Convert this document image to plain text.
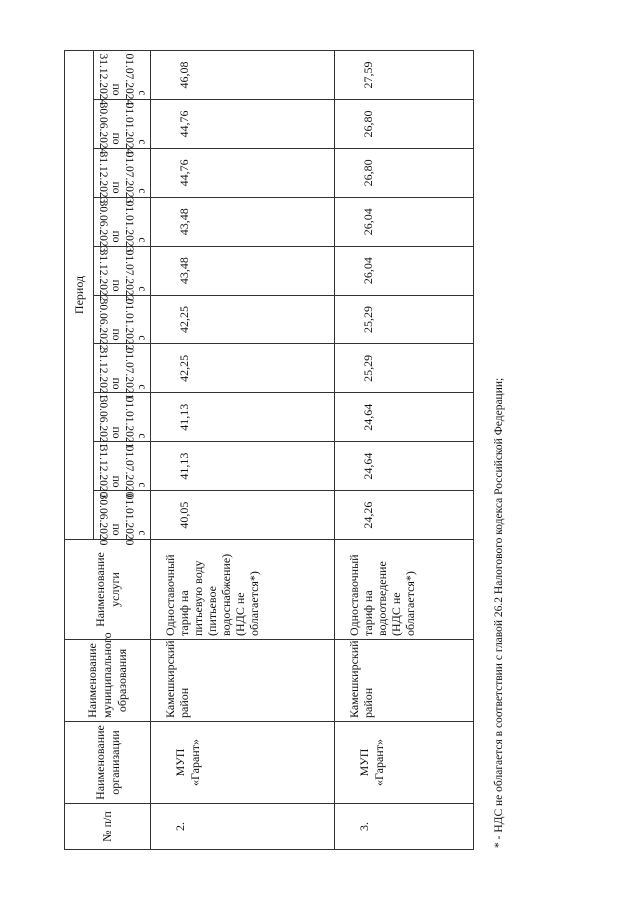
№ п/п	Наименование организации	Наименование муниципального образования	Наименование услуги	Период									

				с 01.01.2020
по
30.06.2020	с 01.07.2020
по
31.12.2020	с 01.01.2021
по
30.06.2021	с 01.07.2021
по
31.12.2021	с 01.01.2022
по
30.06.2022	с 01.07.2022
по
31.12.2022	с 01.01.2023
по
30.06.2023	с 01.07.2023
по
31.12.2023	с 01.01.2024
по
30.06.2024	с 01.07.2024
по
31.12.2024

2.	МУП «Гарант»	Камешкирский район	Одноставочный тариф на питьевую воду (питьевое водоснабжение) (НДС не облагается*)	40,05	41,13	41,13	42,25	42,25	43,48	43,48	44,76	44,76	46,08
3.	МУП «Гарант»	Камешкирский район	Одноставочный тариф на водоотведение (НДС не облагается*)	24,26	24,64	24,64	25,29	25,29	26,04	26,04	26,80	26,80	27,59
* - НДС не облагается в соответствии с главой 26.2 Налогового кодекса Российской Федерации;
